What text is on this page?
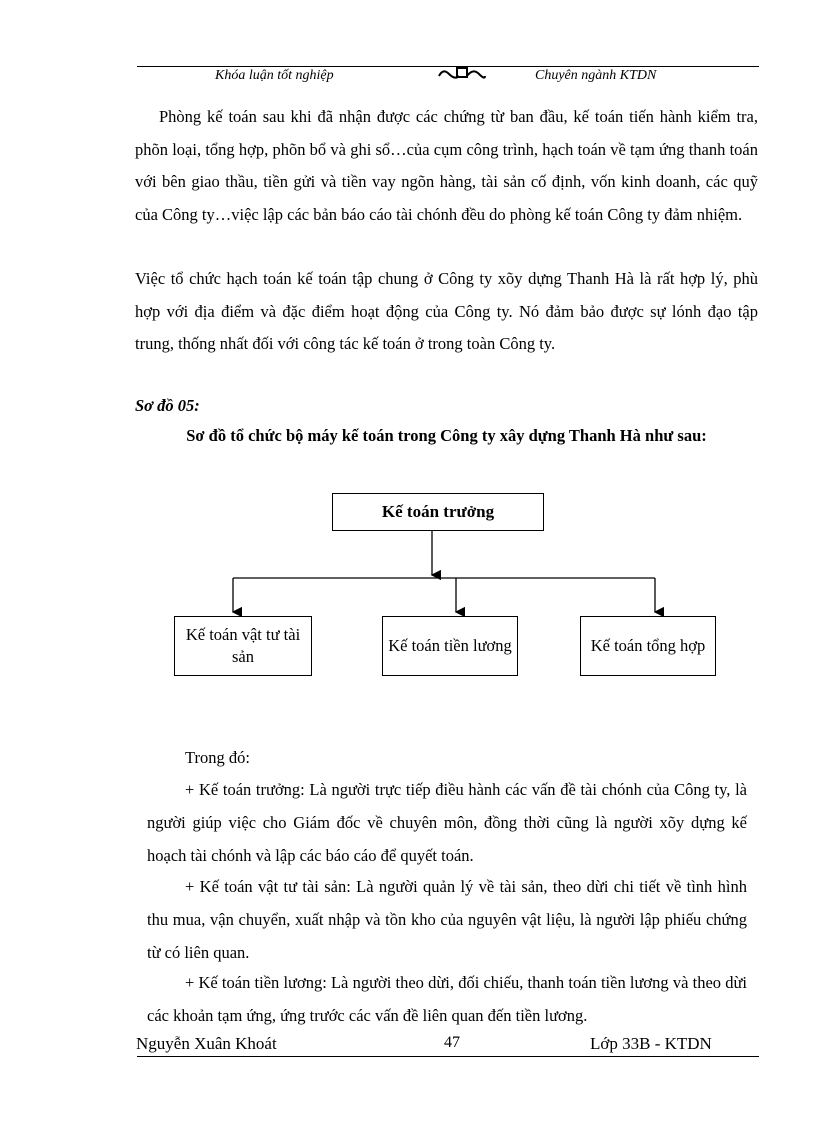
Khóa luận tốt nghiệp	Chuyên ngành KTDN
Phòng kế toán sau khi đã nhận được các chứng từ ban đầu, kế toán tiến hành kiểm tra, phõn loại, tổng hợp, phõn bổ và ghi sổ…của cụm công trình, hạch toán về tạm ứng thanh toán với bên giao thầu, tiền gửi và tiền vay ngõn hàng, tài sản cố định, vốn kinh doanh, các quỹ của Công ty…việc lập các bản báo cáo tài chónh đều do phòng kế toán Công ty đảm nhiệm.
Việc tổ chức hạch toán kế toán tập chung ở Công ty xõy dựng Thanh Hà là rất hợp lý, phù hợp với địa điểm và đặc điểm hoạt động của Công ty. Nó đảm bảo được sự lónh đạo tập trung, thống nhất đối với công tác kế toán ở trong toàn Công ty.
Sơ đồ 05:
Sơ đồ tổ chức bộ máy kế toán trong Công ty xây dựng Thanh Hà như sau:
Kế toán trưởng
Kế toán vật tư tài sản
Kế toán tiền lương	Kế toán tổng hợp
Trong đó:
+ Kế toán trưởng: Là người trực tiếp điều hành các vấn đề tài chónh của Công ty, là người giúp việc cho Giám đốc về chuyên môn, đồng thời cũng là người xõy dựng kế hoạch tài chónh và lập các báo cáo để quyết toán.
+ Kế toán vật tư tài sản: Là người quản lý về tài sản, theo dừi chi tiết về tình hình thu mua, vận chuyển, xuất nhập và tồn kho của nguyên vật liệu, là người lập phiếu chứng từ có liên quan.
+ Kế toán tiền lương: Là người theo dừi, đối chiếu, thanh toán tiền lương và theo dừi các khoản tạm ứng, ứng trước các vấn đề liên quan đến tiền lương.
Nguyễn Xuân Khoát	47	Lớp 33B - KTDN
